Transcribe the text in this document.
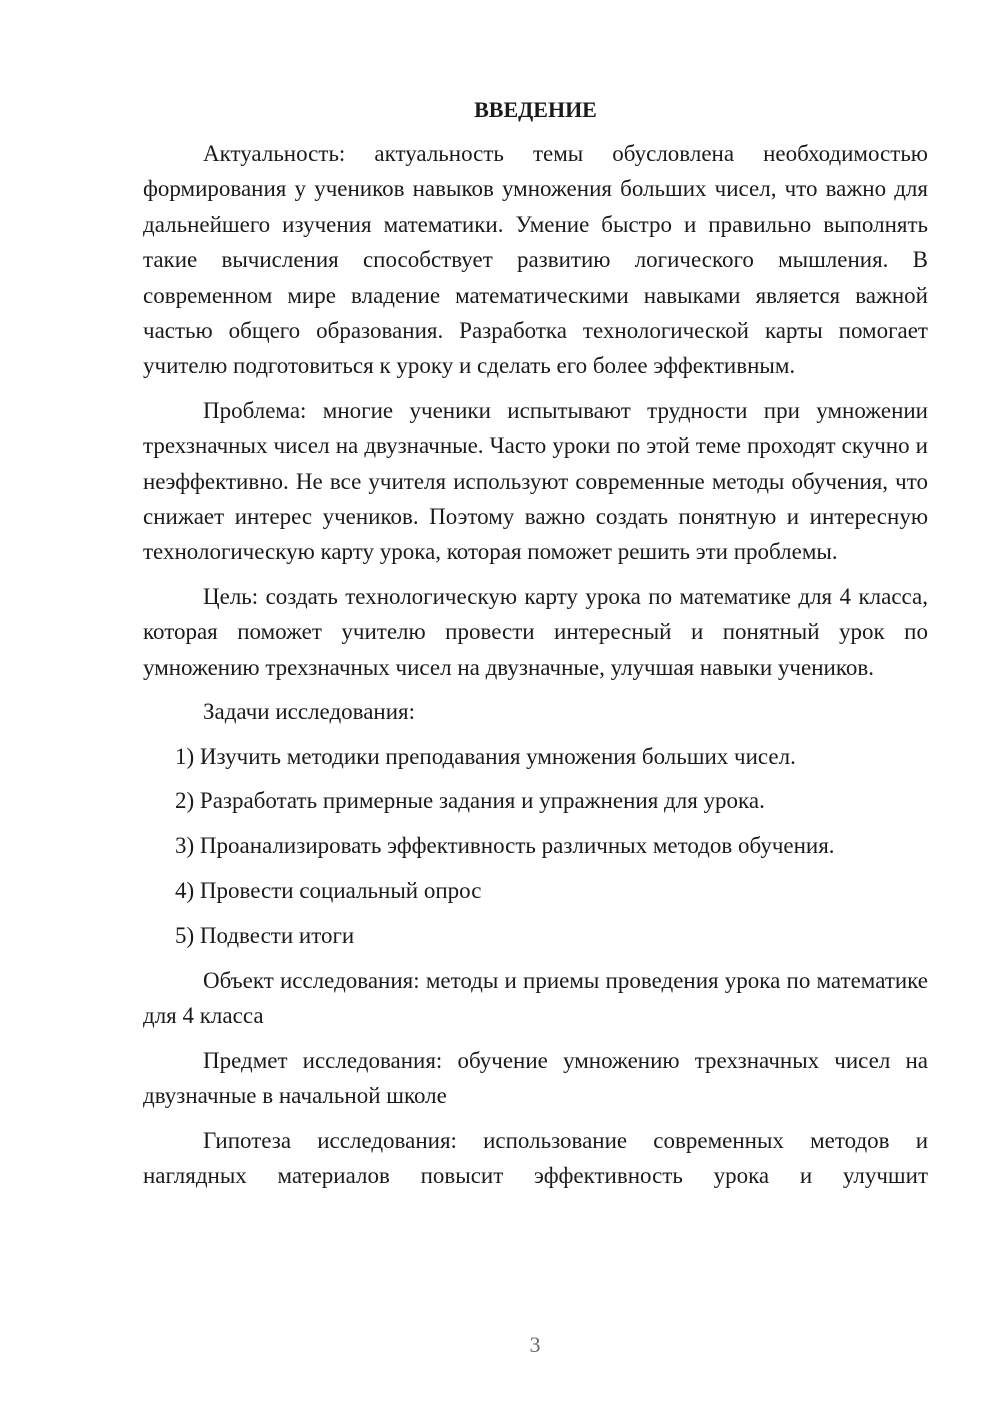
ВВЕДЕНИЕ

Актуальность: актуальность темы обусловлена необходимостью формирования у учеников навыков умножения больших чисел, что важно для дальнейшего изучения математики. Умение быстро и правильно выполнять такие вычисления способствует развитию логического мышления. В современном мире владение математическими навыками является важной частью общего образования. Разработка технологической карты помогает учителю подготовиться к уроку и сделать его более эффективным.

Проблема: многие ученики испытывают трудности при умножении трехзначных чисел на двузначные. Часто уроки по этой теме проходят скучно и неэффективно. Не все учителя используют современные методы обучения, что снижает интерес учеников. Поэтому важно создать понятную и интересную технологическую карту урока, которая поможет решить эти проблемы.

Цель: создать технологическую карту урока по математике для 4 класса, которая поможет учителю провести интересный и понятный урок по умножению трехзначных чисел на двузначные, улучшая навыки учеников.

Задачи исследования:

1) Изучить методики преподавания умножения больших чисел.

2) Разработать примерные задания и упражнения для урока.

3) Проанализировать эффективность различных методов обучения.

4) Провести социальный опрос

5) Подвести итоги

Объект исследования: методы и приемы проведения урока по математике для 4 класса

Предмет исследования: обучение умножению трехзначных чисел на двузначные в начальной школе

Гипотеза исследования: использование современных методов и наглядных материалов повысит эффективность урока и улучшит

3
